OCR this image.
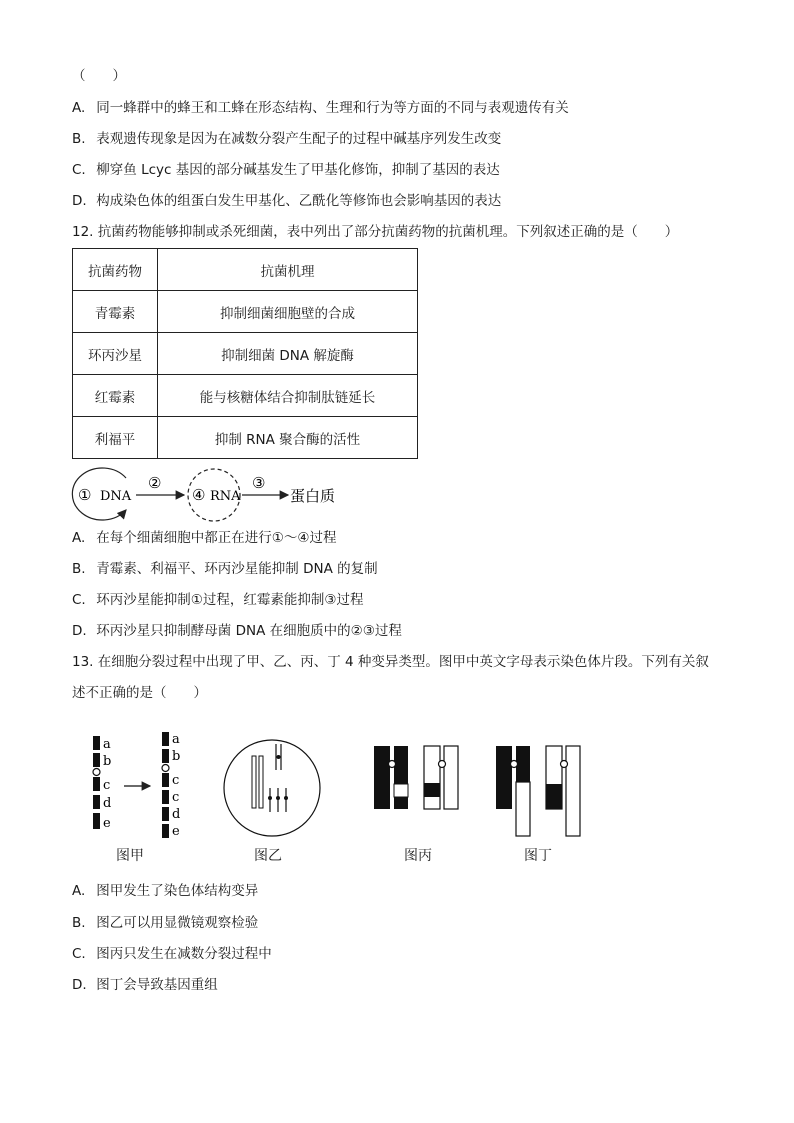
（　　）
A. 同一蜂群中的蜂王和工蜂在形态结构、生理和行为等方面的不同与表观遗传有关
B. 表观遗传现象是因为在减数分裂产生配子的过程中碱基序列发生改变
C. 柳穿鱼 Lcyc 基因的部分碱基发生了甲基化修饰，抑制了基因的表达
D. 构成染色体的组蛋白发生甲基化、乙酰化等修饰也会影响基因的表达
12. 抗菌药物能够抑制或杀死细菌，表中列出了部分抗菌药物的抗菌机理。下列叙述正确的是（　　）
抗菌药物	抗菌机理
青霉素	抑制细菌细胞壁的合成
环丙沙星	抑制细菌 DNA 解旋酶
红霉素	能与核糖体结合抑制肽链延长
利福平	抑制 RNA 聚合酶的活性
① DNA
②
④ RNA
③
蛋白质
A. 在每个细菌细胞中都正在进行①～④过程
B. 青霉素、利福平、环丙沙星能抑制 DNA 的复制
C. 环丙沙星能抑制①过程，红霉素能抑制③过程
D. 环丙沙星只抑制酵母菌 DNA 在细胞质中的②③过程
13. 在细胞分裂过程中出现了甲、乙、丙、丁 4 种变异类型。图甲中英文字母表示染色体片段。下列有关叙
述不正确的是（　　）
a
b
c
d
e
a
b
c
c
d
e
图甲	图乙	图丙	图丁
A. 图甲发生了染色体结构变异
B. 图乙可以用显微镜观察检验
C. 图丙只发生在减数分裂过程中
D. 图丁会导致基因重组
